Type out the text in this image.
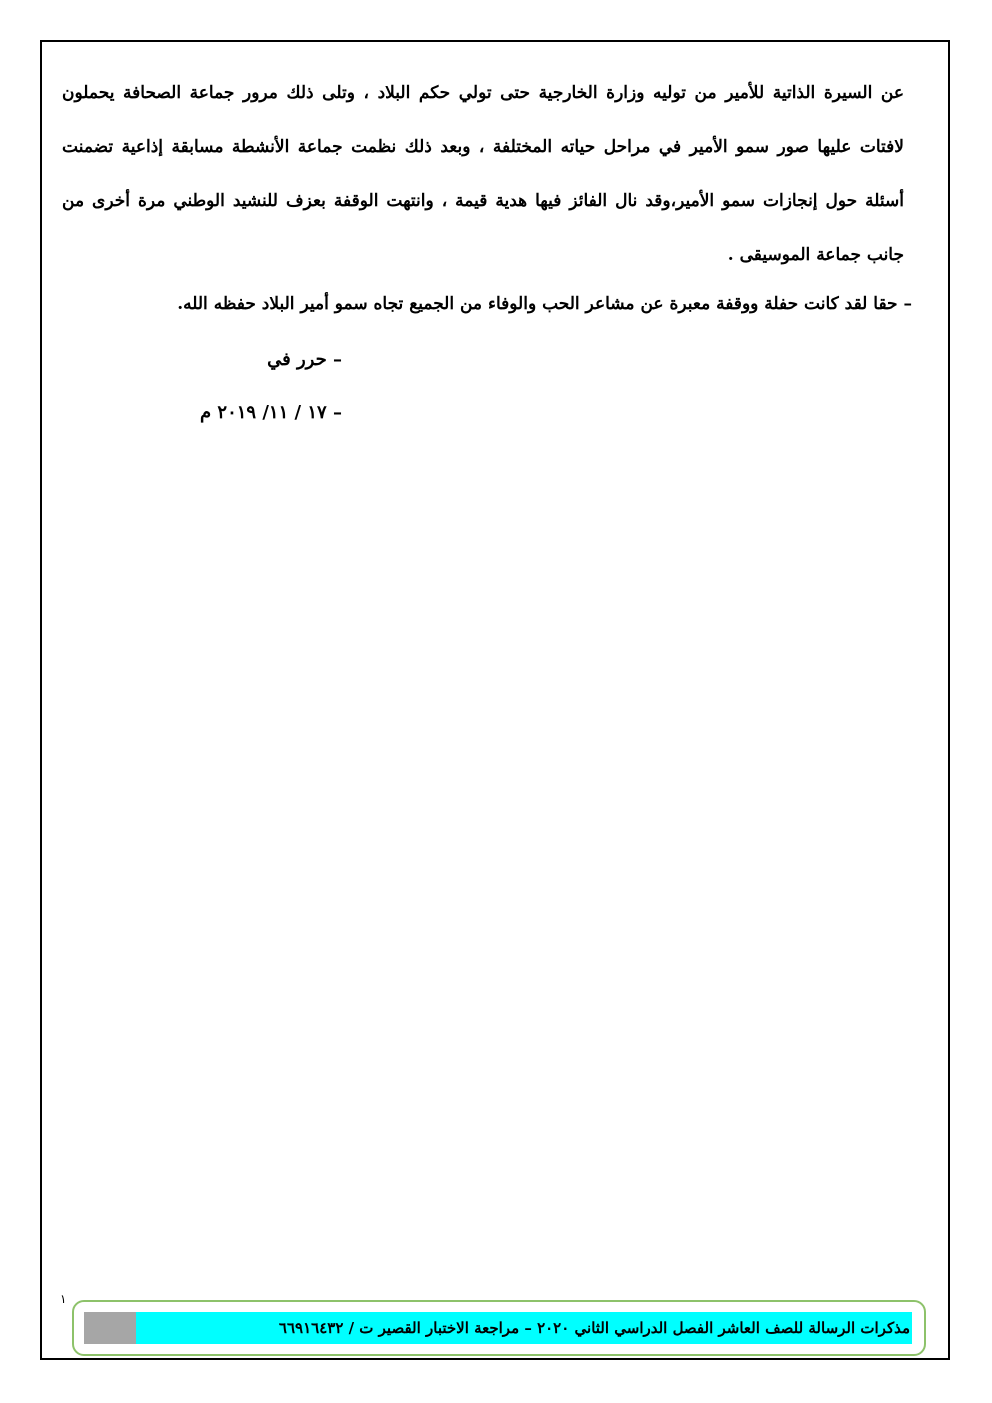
عن السيرة الذاتية للأمير من توليه وزارة الخارجية حتى تولي حكم البلاد ، وتلى ذلك مرور جماعة الصحافة يحملون لافتات عليها صور سمو الأمير في مراحل حياته المختلفة ، وبعد ذلك نظمت جماعة الأنشطة مسابقة إذاعية تضمنت أسئلة حول إنجازات سمو الأمير،وقد نال الفائز فيها هدية قيمة ، وانتهت الوقفة بعزف للنشيد الوطني مرة أخرى من جانب جماعة الموسيقى .

– حقا لقد كانت حفلة ووقفة معبرة عن مشاعر الحب والوفاء من الجميع تجاه سمو أمير البلاد حفظه الله.

– حرر في

– ١٧ / ١١/ ٢٠١٩ م

١
مذكرات الرسالة للصف العاشر الفصل الدراسي الثاني ٢٠٢٠ – مراجعة الاختبار القصير ت / ٦٦٩١٦٤٣٢
